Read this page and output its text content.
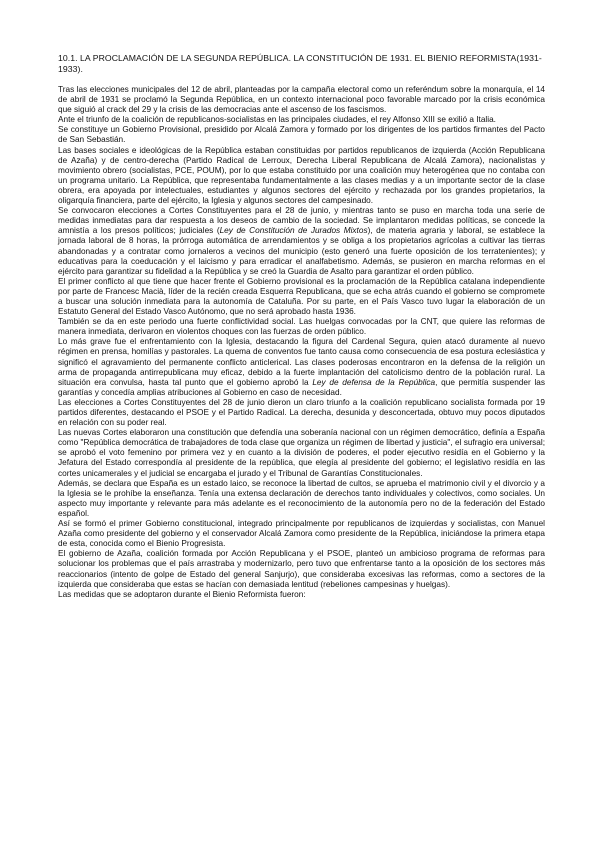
10.1. LA PROCLAMACIÓN DE LA SEGUNDA REPÚBLICA. LA CONSTITUCIÓN DE 1931. EL BIENIO REFORMISTA(1931-1933).

Tras las elecciones municipales del 12 de abril, planteadas por la campaña electoral como un referéndum sobre la monarquía, el 14 de abril de 1931 se proclamó la Segunda República, en un contexto internacional poco favorable marcado por la crisis económica que siguió al crack del 29 y la crisis de las democracias ante el ascenso de los fascismos.

Ante el triunfo de la coalición de republicanos-socialistas en las principales ciudades, el rey Alfonso XIII se exilió a Italia.

Se constituye un Gobierno Provisional, presidido por Alcalá Zamora y formado por los dirigentes de los partidos firmantes del Pacto de San Sebastián.

Las bases sociales e ideológicas de la República estaban constituidas por partidos republicanos de izquierda (Acción Republicana de Azaña) y de centro-derecha (Partido Radical de Lerroux, Derecha Liberal Republicana de Alcalá Zamora), nacionalistas y movimiento obrero (socialistas, PCE, POUM), por lo que estaba constituido por una coalición muy heterogénea que no contaba con un programa unitario. La República, que representaba fundamentalmente a las clases medias y a un importante sector de la clase obrera, era apoyada por intelectuales, estudiantes y algunos sectores del ejército y rechazada por los grandes propietarios, la oligarquía financiera, parte del ejército, la Iglesia y algunos sectores del campesinado.

Se convocaron elecciones a Cortes Constituyentes para el 28 de junio, y mientras tanto se puso en marcha toda una serie de medidas inmediatas para dar respuesta a los deseos de cambio de la sociedad. Se implantaron medidas políticas, se concede la amnistía a los presos políticos; judiciales (Ley de Constitución de Jurados Mixtos), de materia agraria y laboral, se establece la jornada laboral de 8 horas, la prórroga automática de arrendamientos y se obliga a los propietarios agrícolas a cultivar las tierras abandonadas y a contratar como jornaleros a vecinos del municipio (esto generó una fuerte oposición de los terratenientes); y educativas para la coeducación y el laicismo y para erradicar el analfabetismo. Además, se pusieron en marcha reformas en el ejército para garantizar su fidelidad a la República y se creó la Guardia de Asalto para garantizar el orden público.

El primer conflicto al que tiene que hacer frente el Gobierno provisional es la proclamación de la República catalana independiente por parte de Francesc Macià, líder de la recién creada Esquerra Republicana, que se echa atrás cuando el gobierno se compromete a buscar una solución inmediata para la autonomía de Cataluña. Por su parte, en el País Vasco tuvo lugar la elaboración de un Estatuto General del Estado Vasco Autónomo, que no será aprobado hasta 1936.

También se da en este periodo una fuerte conflictividad social. Las huelgas convocadas por la CNT, que quiere las reformas de manera inmediata, derivaron en violentos choques con las fuerzas de orden público.

Lo más grave fue el enfrentamiento con la Iglesia, destacando la figura del Cardenal Segura, quien atacó duramente al nuevo régimen en prensa, homilías y pastorales. La quema de conventos fue tanto causa como consecuencia de esa postura eclesiástica y significó el agravamiento del permanente conflicto anticlerical. Las clases poderosas encontraron en la defensa de la religión un arma de propaganda antirrepublicana muy eficaz, debido a la fuerte implantación del catolicismo dentro de la población rural. La situación era convulsa, hasta tal punto que el gobierno aprobó la Ley de defensa de la República, que permitía suspender las garantías y concedía amplias atribuciones al Gobierno en caso de necesidad.

Las elecciones a Cortes Constituyentes del 28 de junio dieron un claro triunfo a la coalición republicano socialista formada por 19 partidos diferentes, destacando el PSOE y el Partido Radical. La derecha, desunida y desconcertada, obtuvo muy pocos diputados en relación con su poder real.

Las nuevas Cortes elaboraron una constitución que defendía una soberanía nacional con un régimen democrático, definía a España como "República democrática de trabajadores de toda clase que organiza un régimen de libertad y justicia", el sufragio era universal; se aprobó el voto femenino por primera vez y en cuanto a la división de poderes, el poder ejecutivo residía en el Gobierno y la Jefatura del Estado correspondía al presidente de la república, que elegía al presidente del gobierno; el legislativo residía en las cortes unicamerales y el judicial se encargaba el jurado y el Tribunal de Garantías Constitucionales.

Además, se declara que España es un estado laico, se reconoce la libertad de cultos, se aprueba el matrimonio civil y el divorcio y a la Iglesia se le prohíbe la enseñanza. Tenía una extensa declaración de derechos tanto individuales y colectivos, como sociales. Un aspecto muy importante y relevante para más adelante es el reconocimiento de la autonomía pero no de la federación del Estado español.

Así se formó el primer Gobierno constitucional, integrado principalmente por republicanos de izquierdas y socialistas, con Manuel Azaña como presidente del gobierno y el conservador Alcalá Zamora como presidente de la República, iniciándose la primera etapa de esta, conocida como el Bienio Progresista.

El gobierno de Azaña, coalición formada por Acción Republicana y el PSOE, planteó un ambicioso programa de reformas para solucionar los problemas que el país arrastraba y modernizarlo, pero tuvo que enfrentarse tanto a la oposición de los sectores más reaccionarios (intento de golpe de Estado del general Sanjurjo), que consideraba excesivas las reformas, como a sectores de la izquierda que consideraba que estas se hacían con demasiada lentitud (rebeliones campesinas y huelgas).

Las medidas que se adoptaron durante el Bienio Reformista fueron:
